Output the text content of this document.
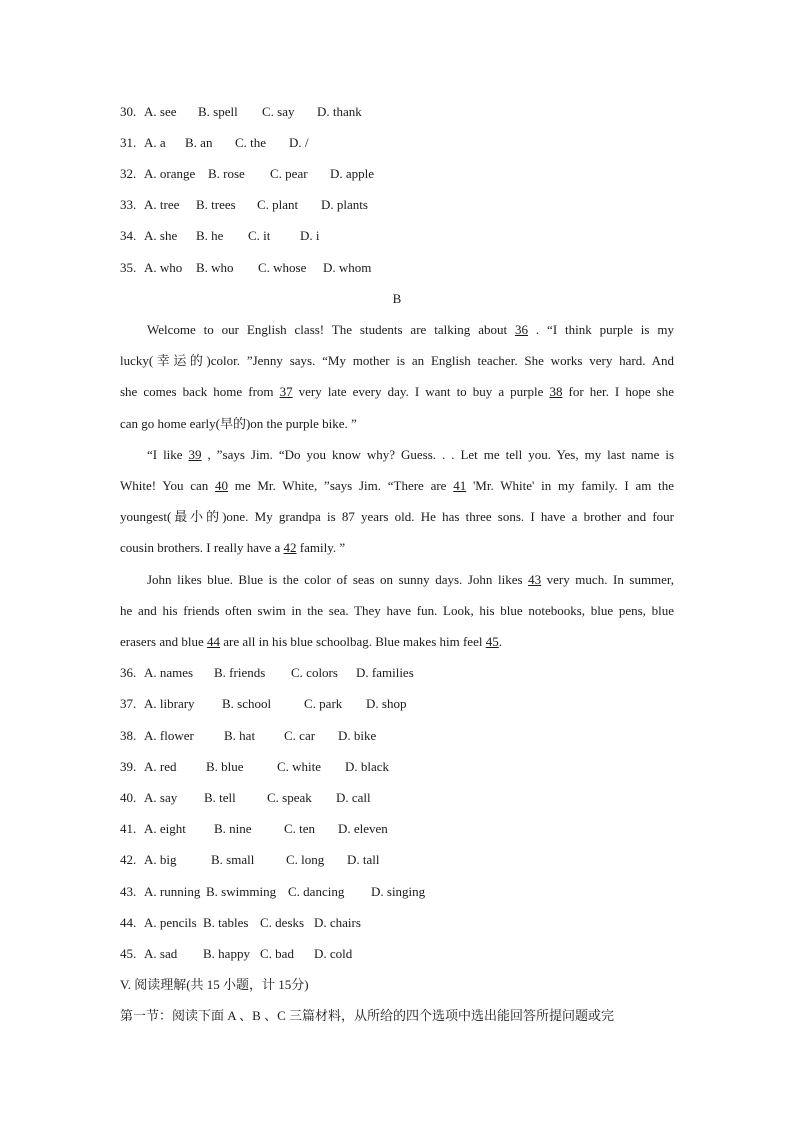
30. A. see	B. spell	C. say	D. thank
31. A. a	B. an	C. the	D. /
32. A. orange B. rose	C. pear	D. apple
33. A. tree	B. trees	C. plant	D. plants
34. A. she	B. he	C. it	D. i
35. A. who	B. who	C. whose	D. whom
B
Welcome to our English class! The students are talking about 36 . “I think purple is my
lucky(幸运的)color. ”Jenny says. “My mother is an English teacher. She works very hard. And
she comes back home from 37 very late every day. I want to buy a purple 38 for her. I hope she
can go home early(早的)on the purple bike. ”
“I like 39 , ”says Jim. “Do you know why? Guess. . . Let me tell you. Yes, my last name is
White! You can 40 me Mr. White, ”says Jim. “There are 41 'Mr. White' in my family. I am the
youngest(最小的)one. My grandpa is 87 years old. He has three sons. I have a brother and four
cousin brothers. I really have a 42 family. ”
John likes blue. Blue is the color of seas on sunny days. John likes 43 very much. In summer,
he and his friends often swim in the sea. They have fun. Look, his blue notebooks, blue pens, blue
erasers and blue 44 are all in his blue schoolbag. Blue makes him feel 45.
36. A. names	B. friends	C. colors	D. families
37. A. library	B. school	C. park	D. shop
38. A. flower	B. hat	C. car	D. bike
39. A. red	B. blue	C. white	D. black
40. A. say	B. tell	C. speak	D. call
41. A. eight	B. nine	C. ten	D. eleven
42. A. big	B. small	C. long	D. tall
43. A. running B. swimming C. dancing	D. singing
44. A. pencils B. tables C. desks D. chairs
45. A. sad	B. happy C. bad	D. cold
V. 阅读理解(共 15 小题，计 15分)
第一节：阅读下面 A 、B 、C 三篇材料，从所给的四个选项中选出能回答所提问题或完
